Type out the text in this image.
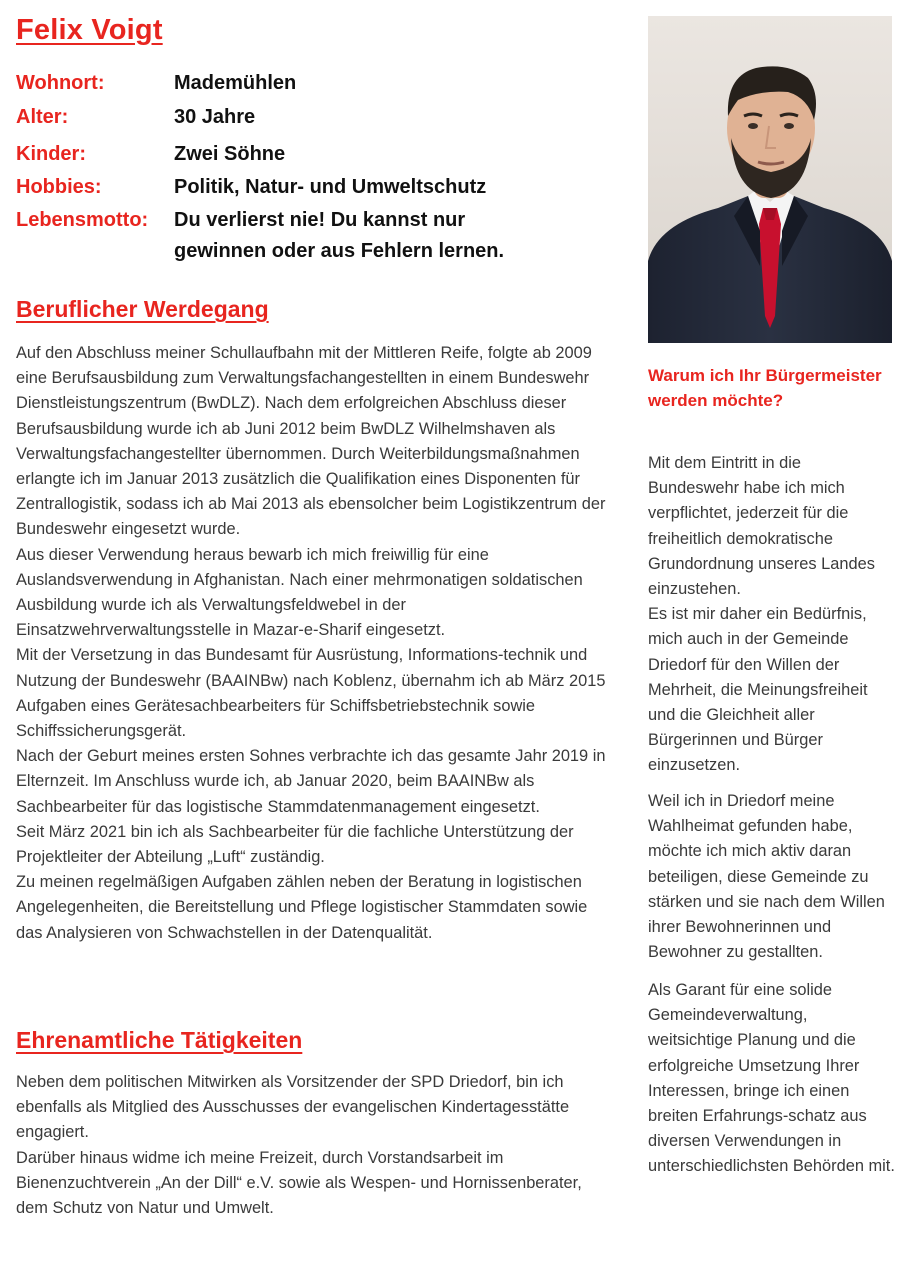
Felix Voigt
Wohnort:	Mademühlen
Alter:	30 Jahre
Kinder:	Zwei Söhne
Hobbies:	Politik, Natur- und Umweltschutz
Lebensmotto: Du verlierst nie! Du kannst nur gewinnen oder aus Fehlern lernen.
Beruflicher Werdegang

Auf den Abschluss meiner Schullaufbahn mit der Mittleren Reife, folgte ab 2009 eine Berufsausbildung zum Verwaltungsfachangestellten in einem Bundeswehr Dienstleistungszentrum (BwDLZ). Nach dem erfolgreichen Abschluss dieser Berufsausbildung wurde ich ab Juni 2012 beim BwDLZ Wilhelmshaven als Verwaltungsfachangestellter übernommen. Durch Weiterbildungsmaßnahmen erlangte ich im Januar 2013 zusätzlich die Qualifikation eines Disponenten für Zentrallogistik, sodass ich ab Mai 2013 als ebensolcher beim Logistikzentrum der Bundeswehr eingesetzt wurde.

Aus dieser Verwendung heraus bewarb ich mich freiwillig für eine Auslandsverwendung in Afghanistan. Nach einer mehrmonatigen soldatischen Ausbildung wurde ich als Verwaltungsfeldwebel in der Einsatzwehrverwaltungsstelle in Mazar-e-Sharif eingesetzt.

Mit der Versetzung in das Bundesamt für Ausrüstung, Informations-technik und Nutzung der Bundeswehr (BAAINBw) nach Koblenz, übernahm ich ab März 2015 Aufgaben eines Gerätesachbearbeiters für Schiffsbetriebstechnik sowie Schiffssicherungsgerät.

Nach der Geburt meines ersten Sohnes verbrachte ich das gesamte Jahr 2019 in Elternzeit. Im Anschluss wurde ich, ab Januar 2020, beim BAAINBw als Sachbearbeiter für das logistische Stammdatenmanagement eingesetzt.

Seit März 2021 bin ich als Sachbearbeiter für die fachliche Unterstützung der Projektleiter der Abteilung „Luft“ zuständig.

Zu meinen regelmäßigen Aufgaben zählen neben der Beratung in logistischen Angelegenheiten, die Bereitstellung und Pflege logistischer Stammdaten sowie das Analysieren von Schwachstellen in der Datenqualität.

Ehrenamtliche Tätigkeiten

Neben dem politischen Mitwirken als Vorsitzender der SPD Driedorf, bin ich ebenfalls als Mitglied des Ausschusses der evangelischen Kindertagesstätte engagiert.

Darüber hinaus widme ich meine Freizeit, durch Vorstandsarbeit im Bienenzuchtverein „An der Dill“ e.V. sowie als Wespen- und Hornissenberater, dem Schutz von Natur und Umwelt.

Warum ich Ihr Bürgermeister werden möchte?

Mit dem Eintritt in die Bundeswehr habe ich mich verpflichtet, jederzeit für die freiheitlich demokratische Grundordnung unseres Landes einzustehen.

Es ist mir daher ein Bedürfnis, mich auch in der Gemeinde Driedorf für den Willen der Mehrheit, die Meinungsfreiheit und die Gleichheit aller Bürgerinnen und Bürger einzusetzen.

Weil ich in Driedorf meine Wahlheimat gefunden habe, möchte ich mich aktiv daran beteiligen, diese Gemeinde zu stärken und sie nach dem Willen ihrer Bewohnerinnen und Bewohner zu gestallten.

Als Garant für eine solide Gemeindeverwaltung, weitsichtige Planung und die erfolgreiche Umsetzung Ihrer Interessen, bringe ich einen breiten Erfahrungs-schatz aus diversen Verwendungen in unterschiedlichsten Behörden mit.
